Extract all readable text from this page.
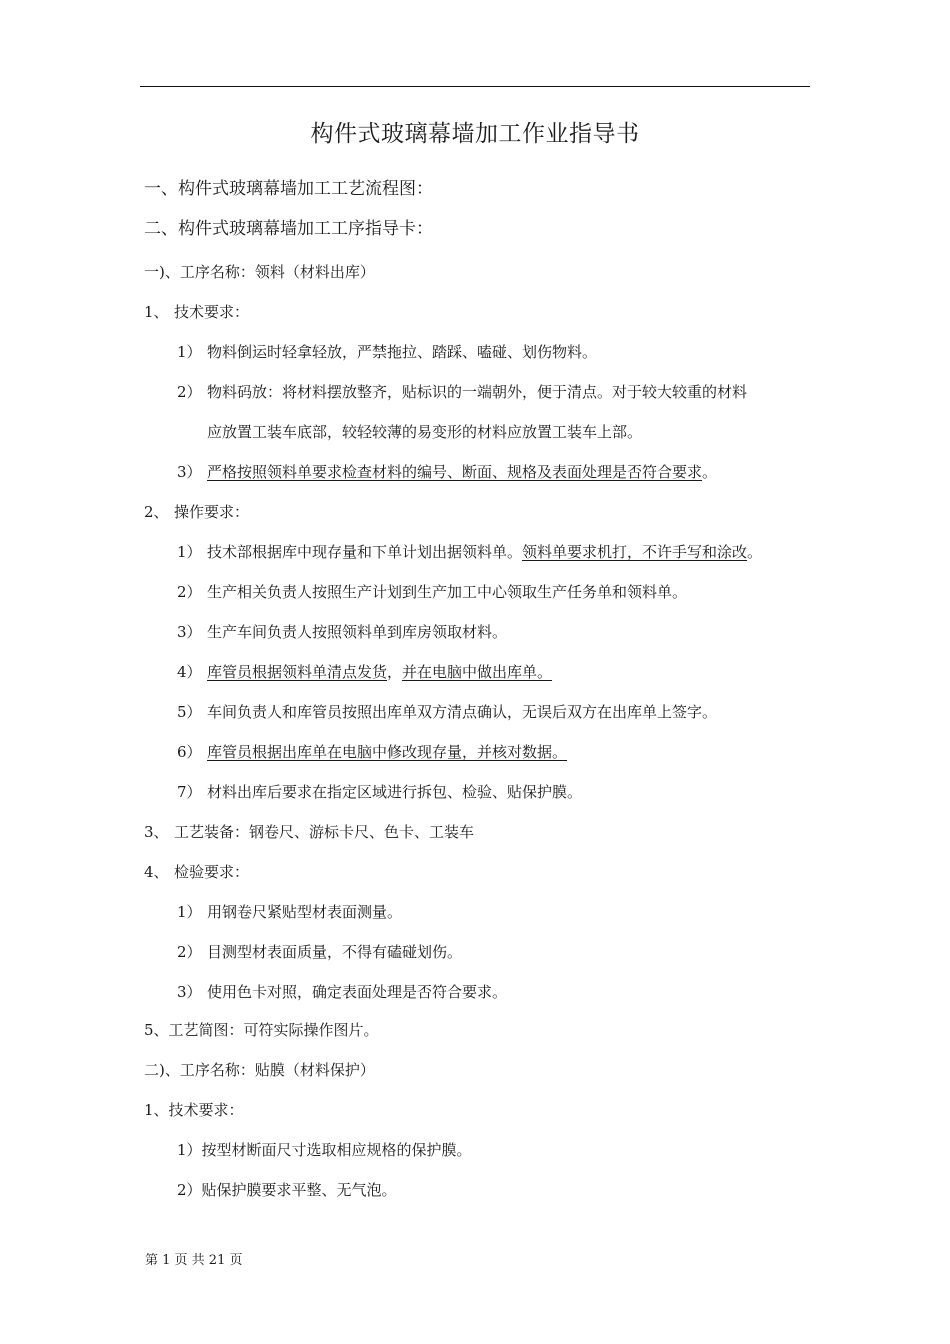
构件式玻璃幕墙加工作业指导书
一、构件式玻璃幕墙加工工艺流程图：
二、构件式玻璃幕墙加工工序指导卡：
一)、工序名称：领料（材料出库）
1、 技术要求：
1） 物料倒运时轻拿轻放，严禁拖拉、踏踩、嗑碰、划伤物料。
2） 物料码放：将材料摆放整齐，贴标识的一端朝外，便于清点。对于较大较重的材料
应放置工装车底部，较轻较薄的易变形的材料应放置工装车上部。
3） 严格按照领料单要求检查材料的编号、断面、规格及表面处理是否符合要求。
2、 操作要求：
1） 技术部根据库中现存量和下单计划出据领料单。领料单要求机打，不许手写和涂改。
2） 生产相关负责人按照生产计划到生产加工中心领取生产任务单和领料单。
3） 生产车间负责人按照领料单到库房领取材料。
4） 库管员根据领料单清点发货，并在电脑中做出库单。
5） 车间负责人和库管员按照出库单双方清点确认，无误后双方在出库单上签字。
6） 库管员根据出库单在电脑中修改现存量，并核对数据。
7） 材料出库后要求在指定区域进行拆包、检验、贴保护膜。
3、 工艺装备：钢卷尺、游标卡尺、色卡、工装车
4、 检验要求：
1） 用钢卷尺紧贴型材表面测量。
2） 目测型材表面质量，不得有磕碰划伤。
3） 使用色卡对照，确定表面处理是否符合要求。
5、工艺简图：可符实际操作图片。
二)、工序名称：贴膜（材料保护）
1、技术要求：
1）按型材断面尺寸选取相应规格的保护膜。
2）贴保护膜要求平整、无气泡。
第 1 页 共 21 页
